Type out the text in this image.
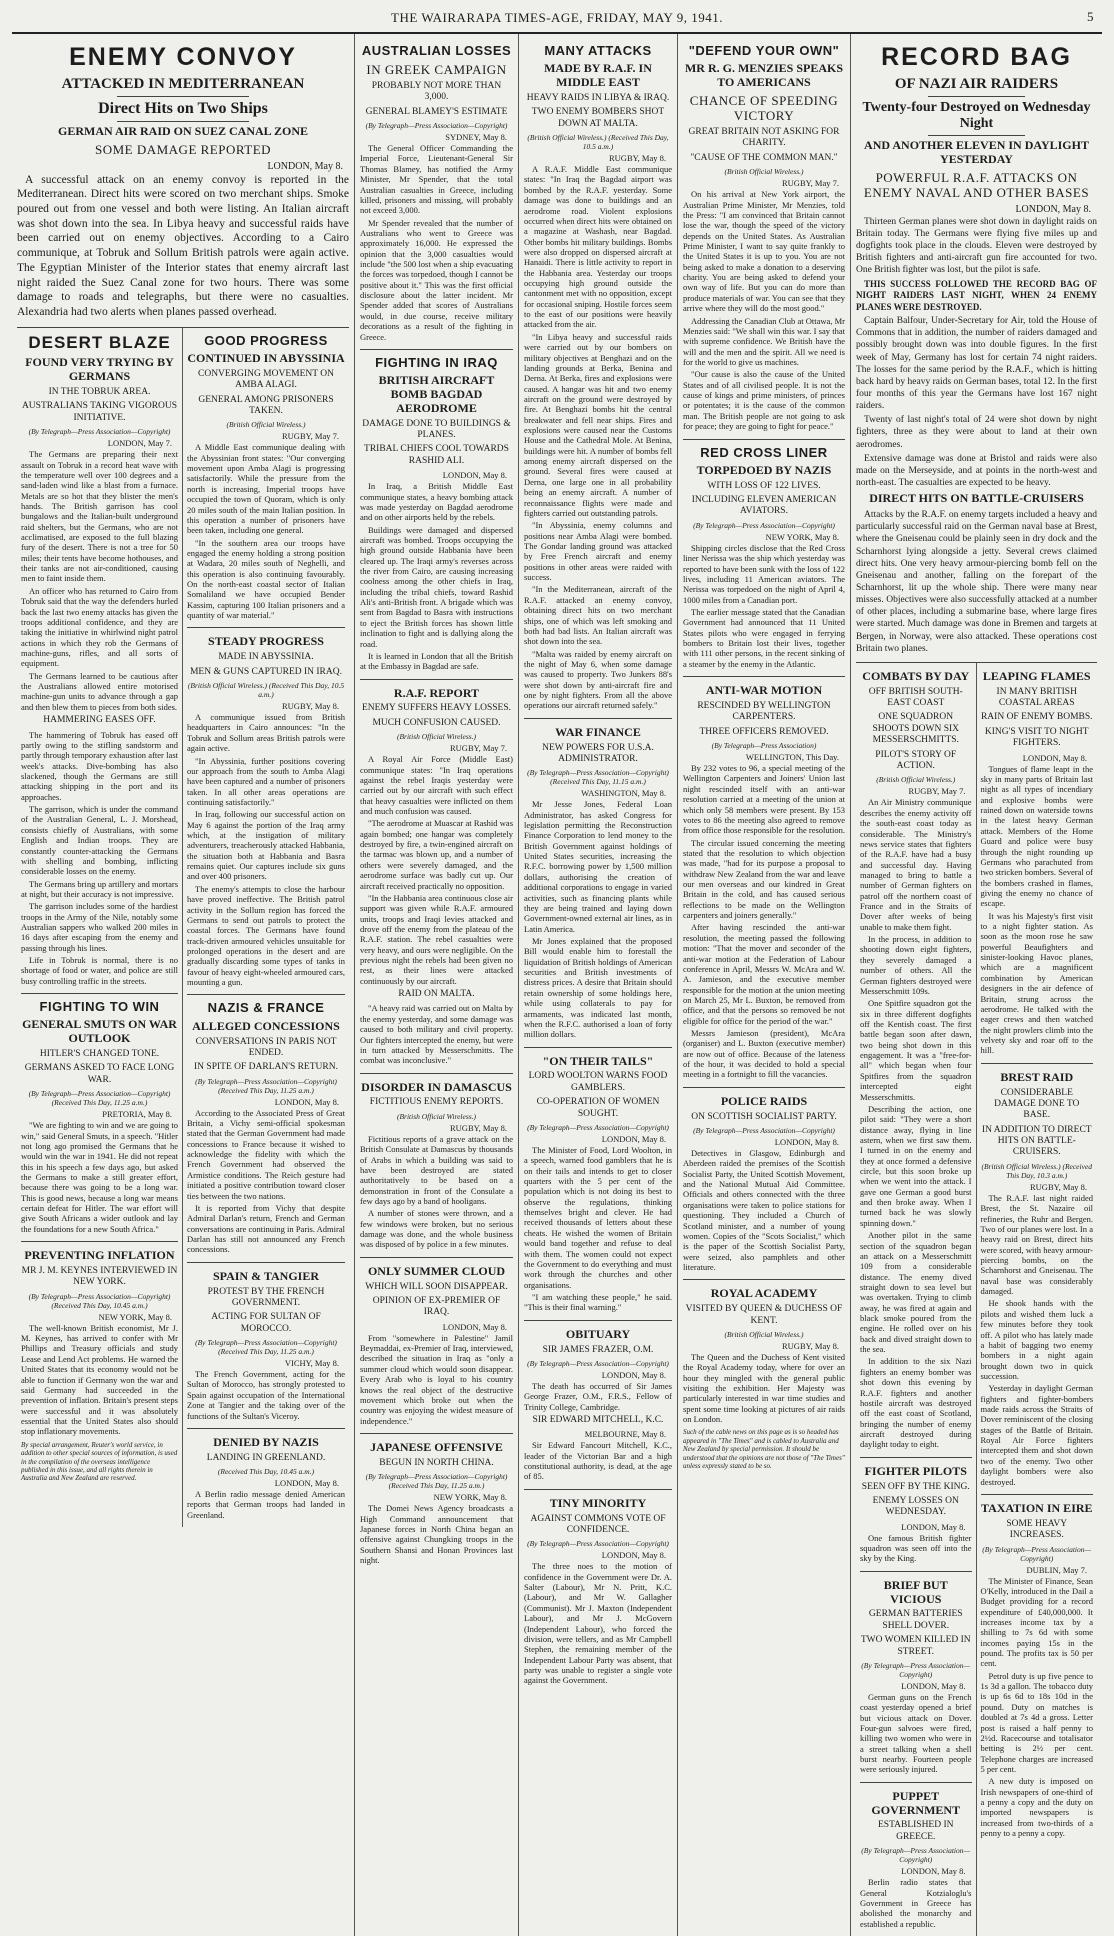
THE WAIRARAPA TIMES-AGE, FRIDAY, MAY 9, 1941.	5
ENEMY CONVOY
ATTACKED IN MEDITERRANEAN
Direct Hits on Two Ships
GERMAN AIR RAID ON SUEZ CANAL ZONE
SOME DAMAGE REPORTED
LONDON, May 8.

A successful attack on an enemy convoy is reported in the Mediterranean. Direct hits were scored on two merchant ships. Smoke poured out from one vessel and both were listing. An Italian aircraft was shot down into the sea. In Libya heavy and successful raids have been carried out on enemy objectives. According to a Cairo communique, at Tobruk and Sollum British patrols were again active. The Egyptian Minister of the Interior states that enemy aircraft last night raided the Suez Canal zone for two hours. There was some damage to roads and telegraphs, but there were no casualties. Alexandria had two alerts when planes passed overhead.

DESERT BLAZE
FOUND VERY TRYING BY GERMANS
IN THE TOBRUK AREA.
AUSTRALIANS TAKING VIGOROUS INITIATIVE.
(By Telegraph—Press Association—Copyright)
LONDON, May 7.

The Germans are preparing their next assault on Tobruk in a record heat wave with the temperature well over 100 degrees and a sand-laden wind like a blast from a furnace. Metals are so hot that they blister the men's hands. The British garrison has cool bungalows and the Italian-built underground raid shelters, but the Germans, who are not acclimatised, are exposed to the full blazing fury of the desert. There is not a tree for 50 miles; their tents have become hothouses, and their tanks are not air-conditioned, causing men to faint inside them.

An officer who has returned to Cairo from Tobruk said that the way the defenders hurled back the last two enemy attacks has given the troops additional confidence, and they are taking the initiative in whirlwind night patrol actions in which they rob the Germans of machine-guns, rifles, and all sorts of equipment.

The Germans learned to be cautious after the Australians allowed entire motorised machine-gun units to advance through a gap and then blew them to pieces from both sides.

HAMMERING EASES OFF.

The hammering of Tobruk has eased off partly owing to the stifling sandstorm and partly through temporary exhaustion after last week's attacks. Dive-bombing has also slackened, though the Germans are still attacking shipping in the port and its approaches.

The garrison, which is under the command of the Australian General, L. J. Morshead, consists chiefly of Australians, with some English and Indian troops. They are constantly counter-attacking the Germans with shelling and bombing, inflicting considerable losses on the enemy.

The Germans bring up artillery and mortars at night, but their accuracy is not impressive.

The garrison includes some of the hardiest troops in the Army of the Nile, notably some Australian sappers who walked 200 miles in 16 days after escaping from the enemy and passing through his lines.

Life in Tobruk is normal, there is no shortage of food or water, and police are still busy controlling traffic in the streets.

FIGHTING TO WIN
GENERAL SMUTS ON WAR OUTLOOK
HITLER'S CHANGED TONE.
GERMANS ASKED TO FACE LONG WAR.
(By Telegraph—Press Association—Copyright) (Received This Day, 11.25 a.m.)
PRETORIA, May 8.

"We are fighting to win and we are going to win," said General Smuts, in a speech. "Hitler not long ago promised the Germans that he would win the war in 1941. He did not repeat this in his speech a few days ago, but asked the Germans to make a still greater effort, because there was going to be a long war. This is good news, because a long war means certain defeat for Hitler. The war effort will give South Africans a wider outlook and lay the foundations for a new South Africa."

PREVENTING INFLATION
MR J. M. KEYNES INTERVIEWED IN NEW YORK.
(By Telegraph—Press Association—Copyright) (Received This Day, 10.45 a.m.)
NEW YORK, May 8.

The well-known British economist, Mr J. M. Keynes, has arrived to confer with Mr Phillips and Treasury officials and study Lease and Lend Act problems. He warned the United States that its economy would not be able to function if Germany won the war and said Germany had succeeded in the prevention of inflation. Britain's present steps were successful and it was absolutely essential that the United States also should stop inflationary movements.

By special arrangement, Reuter's world service, in addition to other special sources of information, is used in the compilation of the overseas intelligence published in this issue, and all rights therein in Australia and New Zealand are reserved.
GOOD PROGRESS
CONTINUED IN ABYSSINIA
CONVERGING MOVEMENT ON AMBA ALAGI.
GENERAL AMONG PRISONERS TAKEN.
(British Official Wireless.)
RUGBY, May 7.

A Middle East communique dealing with the Abyssinian front states: "Our converging movement upon Amba Alagi is progressing satisfactorily. While the pressure from the north is increasing, Imperial troops have occupied the town of Quoram, which is only 20 miles south of the main Italian position. In this operation a number of prisoners have been taken, including one general.

"In the southern area our troops have engaged the enemy holding a strong position at Wadara, 20 miles south of Neghelli, and this operation is also continuing favourably. On the north-east coastal sector of Italian Somaliland we have occupied Bender Kassim, capturing 100 Italian prisoners and a quantity of war material."

STEADY PROGRESS
MADE IN ABYSSINIA.
MEN & GUNS CAPTURED IN IRAQ.
(British Official Wireless.) (Received This Day, 10.5 a.m.)
RUGBY, May 8.

A communique issued from British headquarters in Cairo announces: "In the Tobruk and Sollum areas British patrols were again active.

"In Abyssinia, further positions covering our approach from the south to Amba Alagi have been captured and a number of prisoners taken. In all other areas operations are continuing satisfactorily."

In Iraq, following our successful action on May 6 against the portion of the Iraq army which, at the instigation of military adventurers, treacherously attacked Habbania, the situation both at Habbania and Basra remains quiet. Our captures include six guns and over 400 prisoners.

The enemy's attempts to close the harbour have proved ineffective. The British patrol activity in the Sollum region has forced the Germans to send out patrols to protect the coastal forces. The Germans have found track-driven armoured vehicles unsuitable for prolonged operations in the desert and are gradually discarding some types of tanks in favour of heavy eight-wheeled armoured cars, mounting a gun.

NAZIS & FRANCE
ALLEGED CONCESSIONS
CONVERSATIONS IN PARIS NOT ENDED.
IN SPITE OF DARLAN'S RETURN.
(By Telegraph—Press Association—Copyright) (Received This Day, 11.25 a.m.)
LONDON, May 8.

According to the Associated Press of Great Britain, a Vichy semi-official spokesman stated that the German Government had made concessions to France because it wished to acknowledge the fidelity with which the French Government had observed the Armistice conditions. The Reich gesture had initiated a positive contribution toward closer ties between the two nations.

It is reported from Vichy that despite Admiral Darlan's return, French and German conversations are continuing in Paris. Admiral Darlan has still not announced any French concessions.

SPAIN & TANGIER
PROTEST BY THE FRENCH GOVERNMENT.
ACTING FOR SULTAN OF MOROCCO.
(By Telegraph—Press Association—Copyright) (Received This Day, 11.25 a.m.)
VICHY, May 8.

The French Government, acting for the Sultan of Morocco, has strongly protested to Spain against occupation of the International Zone at Tangier and the taking over of the functions of the Sultan's Viceroy.

DENIED BY NAZIS
LANDING IN GREENLAND.
(Received This Day, 10.45 a.m.)
LONDON, May 8.

A Berlin radio message denied American reports that German troops had landed in Greenland.

AUSTRALIAN LOSSES
IN GREEK CAMPAIGN
PROBABLY NOT MORE THAN 3,000.
GENERAL BLAMEY'S ESTIMATE
(By Telegraph—Press Association—Copyright)
SYDNEY, May 8.

The General Officer Commanding the Imperial Force, Lieutenant-General Sir Thomas Blamey, has notified the Army Minister, Mr Spender, that the total Australian casualties in Greece, including killed, prisoners and missing, will probably not exceed 3,000.

Mr Spender revealed that the number of Australians who went to Greece was approximately 16,000. He expressed the opinion that the 3,000 casualties would include "the 500 lost when a ship evacuating the forces was torpedoed, though I cannot be positive about it." This was the first official disclosure about the latter incident. Mr Spender added that scores of Australians would, in due course, receive military decorations as a result of the fighting in Greece.

FIGHTING IN IRAQ
BRITISH AIRCRAFT BOMB BAGDAD AERODROME
DAMAGE DONE TO BUILDINGS & PLANES.
TRIBAL CHIEFS COOL TOWARDS RASHID ALI.
LONDON, May 8.

In Iraq, a British Middle East communique states, a heavy bombing attack was made yesterday on Bagdad aerodrome and on other airports held by the rebels.

Buildings were damaged and dispersed aircraft was bombed. Troops occupying the high ground outside Habbania have been cleared up. The Iraqi army's reverses across the river from Cairo, are causing increasing coolness among the other chiefs in Iraq, including the tribal chiefs, toward Rashid Ali's anti-British front. A brigade which was sent from Bagdad to Basra with instructions to eject the British forces has shown little inclination to fight and is dallying along the road.

It is learned in London that all the British at the Embassy in Bagdad are safe.

R.A.F. REPORT
ENEMY SUFFERS HEAVY LOSSES.
MUCH CONFUSION CAUSED.
(British Official Wireless.)
RUGBY, May 7.

A Royal Air Force (Middle East) communique states: "In Iraq operations against the rebel Iraqis yesterday were carried out by our aircraft with such effect that heavy casualties were inflicted on them and much confusion was caused.

"The aerodrome at Muascar at Rashid was again bombed; one hangar was completely destroyed by fire, a twin-engined aircraft on the tarmac was blown up, and a number of others were severely damaged, and the aerodrome surface was badly cut up. Our aircraft received practically no opposition.

"In the Habbania area continuous close air support was given while R.A.F. armoured units, troops and Iraqi levies attacked and drove off the enemy from the plateau of the R.A.F. station. The rebel casualties were very heavy, and ours were negligible. On the previous night the rebels had been given no rest, as their lines were attacked continuously by our aircraft.

RAID ON MALTA.

"A heavy raid was carried out on Malta by the enemy yesterday, and some damage was caused to both military and civil property. Our fighters intercepted the enemy, but were in turn attacked by Messerschmitts. The combat was inconclusive."

DISORDER IN DAMASCUS
FICTITIOUS ENEMY REPORTS.
(British Official Wireless.)
RUGBY, May 8.

Fictitious reports of a grave attack on the British Consulate at Damascus by thousands of Arabs in which a building was said to have been destroyed are stated authoritatively to be based on a demonstration in front of the Consulate a few days ago by a band of hooligans.

A number of stones were thrown, and a few windows were broken, but no serious damage was done, and the whole business was disposed of by police in a few minutes.

ONLY SUMMER CLOUD
WHICH WILL SOON DISAPPEAR.
OPINION OF EX-PREMIER OF IRAQ.
LONDON, May 8.

From "somewhere in Palestine" Jamil Beymaddai, ex-Premier of Iraq, interviewed, described the situation in Iraq as "only a summer cloud which would soon disappear. Every Arab who is loyal to his country knows the real object of the destructive movement which broke out when the country was enjoying the widest measure of independence."

JAPANESE OFFENSIVE
BEGUN IN NORTH CHINA.
(By Telegraph—Press Association—Copyright) (Received This Day, 11.25 a.m.)
NEW YORK, May 8.

The Domei News Agency broadcasts a High Command announcement that Japanese forces in North China began an offensive against Chungking troops in the Southern Shansi and Honan Provinces last night.

MANY ATTACKS
MADE BY R.A.F. IN MIDDLE EAST
HEAVY RAIDS IN LIBYA & IRAQ.
TWO ENEMY BOMBERS SHOT DOWN AT MALTA.
(British Official Wireless.) (Received This Day, 10.5 a.m.)
RUGBY, May 8.

A R.A.F. Middle East communique states: "In Iraq the Bagdad airport was bombed by the R.A.F. yesterday. Some damage was done to buildings and an aerodrome road. Violent explosions occurred when direct hits were obtained on a magazine at Washash, near Bagdad. Other bombs hit military buildings. Bombs were also dropped on dispersed aircraft at Hanaidi. There is little activity to report in the Habbania area. Yesterday our troops occupying high ground outside the cantonment met with no opposition, except for occasional sniping. Hostile forces seem to the east of our positions were heavily attacked from the air.

"In Libya heavy and successful raids were carried out by our bombers on military objectives at Benghazi and on the landing grounds at Berka, Benina and Derna. At Berka, fires and explosions were caused. A hangar was hit and two enemy aircraft on the ground were destroyed by fire. At Benghazi bombs hit the central breakwater and fell near ships. Fires and explosions were caused near the Customs House and the Cathedral Mole. At Benina, buildings were hit. A number of bombs fell among enemy aircraft dispersed on the ground. Several fires were caused at Derna, one large one in all probability being an enemy aircraft. A number of reconnaissance flights were made and fighters carried out outstanding patrols.

"In Abyssinia, enemy columns and positions near Amba Alagi were bombed. The Gondar landing ground was attacked by Free French aircraft and enemy positions in other areas were raided with success.

"In the Mediterranean, aircraft of the R.A.F. attacked an enemy convoy, obtaining direct hits on two merchant ships, one of which was left smoking and both had bad lists. An Italian aircraft was shot down into the sea.

"Malta was raided by enemy aircraft on the night of May 6, when some damage was caused to property. Two Junkers 88's were shot down by anti-aircraft fire and one by night fighters. From all the above operations our aircraft returned safely."

WAR FINANCE
NEW POWERS FOR U.S.A. ADMINISTRATOR.
(By Telegraph—Press Association—Copyright) (Received This Day, 11.15 a.m.)
WASHINGTON, May 8.

Mr Jesse Jones, Federal Loan Administrator, has asked Congress for legislation permitting the Reconstruction Finance Corporation to lend money to the British Government against holdings of United States securities, increasing the R.F.C. borrowing power by 1,500 million dollars, authorising the creation of additional corporations to engage in varied activities, such as financing plants while they are being trained and laying down Government-owned external air lines, as in Latin America.

Mr Jones explained that the proposed Bill would enable him to forestall the liquidation of British holdings of American securities and British investments of distress prices. A desire that Britain should retain ownership of some holdings here, while using collaterals to pay for armaments, was indicated last month, when the R.F.C. authorised a loan of forty million dollars.

"ON THEIR TAILS"
LORD WOOLTON WARNS FOOD GAMBLERS.
CO-OPERATION OF WOMEN SOUGHT.
(By Telegraph—Press Association—Copyright)
LONDON, May 8.

The Minister of Food, Lord Woolton, in a speech, warned food gamblers that he is on their tails and intends to get to closer quarters with the 5 per cent of the population which is not doing its best to observe the regulations, thinking themselves bright and clever. He had received thousands of letters about these cheats. He wished the women of Britain would band together and refuse to deal with them. The women could not expect the Government to do everything and must work through the churches and other organisations.

"I am watching these people," he said. "This is their final warning."

OBITUARY
SIR JAMES FRAZER, O.M.
(By Telegraph—Press Association—Copyright)
LONDON, May 8.

The death has occurred of Sir James George Frazer, O.M., F.R.S., Fellow of Trinity College, Cambridge.

SIR EDWARD MITCHELL, K.C.
MELBOURNE, May 8.

Sir Edward Fancourt Mitchell, K.C., leader of the Victorian Bar and a high constitutional authority, is dead, at the age of 85.

TINY MINORITY
AGAINST COMMONS VOTE OF CONFIDENCE.
(By Telegraph—Press Association—Copyright)
LONDON, May 8.

The three noes to the motion of confidence in the Government were Dr. A. Salter (Labour), Mr N. Pritt, K.C. (Labour), and Mr W. Gallagher (Communist). Mr J. Maxton (Independent Labour), and Mr J. McGovern (Independent Labour), who forced the division, were tellers, and as Mr Campbell Stephen, the remaining member of the Independent Labour Party was absent, that party was unable to register a single vote against the Government.

"DEFEND YOUR OWN"
MR R. G. MENZIES SPEAKS TO AMERICANS
CHANCE OF SPEEDING VICTORY
GREAT BRITAIN NOT ASKING FOR CHARITY.
"CAUSE OF THE COMMON MAN."
(British Official Wireless.)
RUGBY, May 7.

On his arrival at New York airport, the Australian Prime Minister, Mr Menzies, told the Press: "I am convinced that Britain cannot lose the war, though the speed of the victory depends on the United States. As Australian Prime Minister, I want to say quite frankly to the United States it is up to you. You are not being asked to make a donation to a deserving charity. You are being asked to defend your own way of life. But you can do more than produce materials of war. You can see that they arrive where they will do the most good."

Addressing the Canadian Club at Ottawa, Mr Menzies said: "We shall win this war. I say that with supreme confidence. We British have the will and the men and the spirit. All we need is for the world to give us machines.

"Our cause is also the cause of the United States and of all civilised people. It is not the cause of kings and prime ministers, of princes or potentates; it is the cause of the common man. The British people are not going to ask for peace; they are going to fight for peace."

RED CROSS LINER
TORPEDOED BY NAZIS
WITH LOSS OF 122 LIVES.
INCLUDING ELEVEN AMERICAN AVIATORS.
(By Telegraph—Press Association—Copyright)
NEW YORK, May 8.

Shipping circles disclose that the Red Cross liner Nerissa was the ship which yesterday was reported to have been sunk with the loss of 122 lives, including 11 American aviators. The Nerissa was torpedoed on the night of April 4, 1000 miles from a Canadian port.

The earlier message stated that the Canadian Government had announced that 11 United States pilots who were engaged in ferrying bombers to Britain lost their lives, together with 111 other persons, in the recent sinking of a steamer by the enemy in the Atlantic.

ANTI-WAR MOTION
RESCINDED BY WELLINGTON CARPENTERS.
THREE OFFICERS REMOVED.
(By Telegraph—Press Association)
WELLINGTON, This Day.

By 232 votes to 96, a special meeting of the Wellington Carpenters and Joiners' Union last night rescinded itself with an anti-war resolution carried at a meeting of the union at which only 58 members were present. By 153 votes to 86 the meeting also agreed to remove from office those responsible for the resolution.

The circular issued concerning the meeting stated that the resolution to which objection was made, "had for its purpose a proposal to withdraw New Zealand from the war and leave our men overseas and our kindred in Great Britain in the cold, and has caused serious reflections to be made on the Wellington carpenters and joiners generally."

After having rescinded the anti-war resolution, the meeting passed the following motion: "That the mover and seconder of the anti-war motion at the Federation of Labour conference in April, Messrs W. McAra and W. A. Jamieson, and the executive member responsible for the motion at the union meeting on March 25, Mr L. Buxton, be removed from office, and that the persons so removed be not eligible for office for the period of the war."

Messrs Jamieson (president), McAra (organiser) and L. Buxton (executive member) are now out of office. Because of the lateness of the hour, it was decided to hold a special meeting in a fortnight to fill the vacancies.

POLICE RAIDS
ON SCOTTISH SOCIALIST PARTY.
(By Telegraph—Press Association—Copyright)
LONDON, May 8.

Detectives in Glasgow, Edinburgh and Aberdeen raided the premises of the Scottish Socialist Party, the United Scottish Movement, and the National Mutual Aid Committee. Officials and others connected with the three organisations were taken to police stations for questioning. They included a Church of Scotland minister, and a number of young women. Copies of the "Scots Socialist," which is the paper of the Scottish Socialist Party, were seized, also pamphlets and other literature.

ROYAL ACADEMY
VISITED BY QUEEN & DUCHESS OF KENT.
(British Official Wireless.)
RUGBY, May 8.

The Queen and the Duchess of Kent visited the Royal Academy today, where for over an hour they mingled with the general public visiting the exhibition. Her Majesty was particularly interested in war time studies and spent some time looking at pictures of air raids on London.

Such of the cable news on this page as is so headed has appeared in "The Times" and is cabled to Australia and New Zealand by special permission. It should be understood that the opinions are not those of "The Times" unless expressly stated to be so.
RECORD BAG
OF NAZI AIR RAIDERS
Twenty-four Destroyed on Wednesday Night
AND ANOTHER ELEVEN IN DAYLIGHT YESTERDAY
POWERFUL R.A.F. ATTACKS ON ENEMY NAVAL AND OTHER BASES
LONDON, May 8.

Thirteen German planes were shot down in daylight raids on Britain today. The Germans were flying five miles up and dogfights took place in the clouds. Eleven were destroyed by British fighters and anti-aircraft gun fire accounted for two. One British fighter was lost, but the pilot is safe.

THIS SUCCESS FOLLOWED THE RECORD BAG OF NIGHT RAIDERS LAST NIGHT, WHEN 24 ENEMY PLANES WERE DESTROYED.

Captain Balfour, Under-Secretary for Air, told the House of Commons that in addition, the number of raiders damaged and possibly brought down was into double figures. In the first week of May, Germany has lost for certain 74 night raiders. The losses for the same period by the R.A.F., which is hitting back hard by heavy raids on German bases, total 12. In the first four months of this year the Germans have lost 167 night raiders.

Twenty of last night's total of 24 were shot down by night fighters, three as they were about to land at their own aerodromes.

Extensive damage was done at Bristol and raids were also made on the Merseyside, and at points in the north-west and north-east. The casualties are expected to be heavy.

DIRECT HITS ON BATTLE-CRUISERS

Attacks by the R.A.F. on enemy targets included a heavy and particularly successful raid on the German naval base at Brest, where the Gneisenau could be plainly seen in dry dock and the Scharnhorst lying alongside a jetty. Several crews claimed direct hits. One very heavy armour-piercing bomb fell on the Gneisenau and another, falling on the forepart of the Scharnhorst, lit up the whole ship. There were many near misses. Objectives were also successfully attacked at a number of other places, including a submarine base, where large fires were started. Much damage was done in Bremen and targets at Bergen, in Norway, were also attacked. These operations cost Britain two planes.

COMBATS BY DAY
OFF BRITISH SOUTH-EAST COAST
ONE SQUADRON SHOOTS DOWN SIX MESSERSCHMITTS.
PILOT'S STORY OF ACTION.
(British Official Wireless.)
RUGBY, May 7.

An Air Ministry communique describes the enemy activity off the south-east coast today as considerable. The Ministry's news service states that fighters of the R.A.F. have had a busy and successful day. Having managed to bring to battle a number of German fighters on patrol off the northern coast of France and in the Straits of Dover after weeks of being unable to make them fight.

In the process, in addition to shooting down eight fighters, they severely damaged a number of others. All the German fighters destroyed were Messerschmitt 109s.

One Spitfire squadron got the six in three different dogfights off the Kentish coast. The first battle began soon after dawn, two being shot down in this engagement. It was a "free-for-all" which began when four Spitfires from the squadron intercepted eight Messerschmitts.

Describing the action, one pilot said: "They were a short distance away, flying in line astern, when we first saw them. I turned in on the enemy and they at once formed a defensive circle, but this soon broke up when we went into the attack. I gave one German a good burst and then broke away. When I turned back he was slowly spinning down."

Another pilot in the same section of the squadron began an attack on a Messerschmitt 109 from a considerable distance. The enemy dived straight down to sea level but was overtaken. Trying to climb away, he was fired at again and black smoke poured from the engine. He rolled over on his back and dived straight down to the sea.

In addition to the six Nazi fighters an enemy bomber was shot down this evening by R.A.F. fighters and another hostile aircraft was destroyed off the east coast of Scotland, bringing the number of enemy aircraft destroyed during daylight today to eight.

FIGHTER PILOTS
SEEN OFF BY THE KING.
ENEMY LOSSES ON WEDNESDAY.
LONDON, May 8.

One famous British fighter squadron was seen off into the sky by the King.

BRIEF BUT VICIOUS
GERMAN BATTERIES SHELL DOVER.
TWO WOMEN KILLED IN STREET.
(By Telegraph—Press Association—Copyright)
LONDON, May 8.

German guns on the French coast yesterday opened a brief but vicious attack on Dover. Four-gun salvoes were fired, killing two women who were in a street talking when a shell burst nearby. Fourteen people were seriously injured.

PUPPET GOVERNMENT
ESTABLISHED IN GREECE.
(By Telegraph—Press Association—Copyright)
LONDON, May 8.

Berlin radio states that General Kotzialoglu's Government in Greece has abolished the monarchy and established a republic.

LEAPING FLAMES
IN MANY BRITISH COASTAL AREAS
RAIN OF ENEMY BOMBS.
KING'S VISIT TO NIGHT FIGHTERS.
LONDON, May 8.

Tongues of flame leapt in the sky in many parts of Britain last night as all types of incendiary and explosive bombs were rained down on waterside towns in the latest heavy German attack. Members of the Home Guard and police were busy through the night rounding up Germans who parachuted from two stricken bombers. Several of the bombers crashed in flames, giving the enemy no chance of escape.

It was his Majesty's first visit to a night fighter station. As soon as the moon rose he saw powerful Beaufighters and sinister-looking Havoc planes, which are a magnificent combination by American designers in the air defence of Britain, strung across the aerodrome. He talked with the eager crews and then watched the night prowlers climb into the velvety sky and roar off to the hill.

BREST RAID
CONSIDERABLE DAMAGE DONE TO BASE.
IN ADDITION TO DIRECT HITS ON BATTLE-CRUISERS.
(British Official Wireless.) (Received This Day, 10.3 a.m.)
RUGBY, May 8.

The R.A.F. last night raided Brest, the St. Nazaire oil refineries, the Ruhr and Bergen. Two of our planes were lost. In a heavy raid on Brest, direct hits were scored, with heavy armour-piercing bombs, on the Scharnhorst and Gneisenau. The naval base was considerably damaged.

He shook hands with the pilots and wished them luck a few minutes before they took off. A pilot who has lately made a habit of bagging two enemy bombers in a night again brought down two in quick succession.

Yesterday in daylight German fighters and fighter-bombers made raids across the Straits of Dover reminiscent of the closing stages of the Battle of Britain. Royal Air Force fighters intercepted them and shot down two of the enemy. Two other daylight bombers were also destroyed.

TAXATION IN EIRE
SOME HEAVY INCREASES.
(By Telegraph—Press Association—Copyright)
DUBLIN, May 7.

The Minister of Finance, Sean O'Kelly, introduced in the Dail a Budget providing for a record expenditure of £40,000,000. It increases income tax by a shilling to 7s 6d with some incomes paying 15s in the pound. The profits tax is 50 per cent.

Petrol duty is up five pence to 1s 3d a gallon. The tobacco duty is up 6s 6d to 18s 10d in the pound. Duty on matches is doubled at 7s 4d a gross. Letter post is raised a half penny to 2½d. Racecourse and totalisator betting is 2½ per cent. Telephone charges are increased 5 per cent.

A new duty is imposed on Irish newspapers of one-third of a penny a copy and the duty on imported newspapers is increased from two-thirds of a penny to a penny a copy.
